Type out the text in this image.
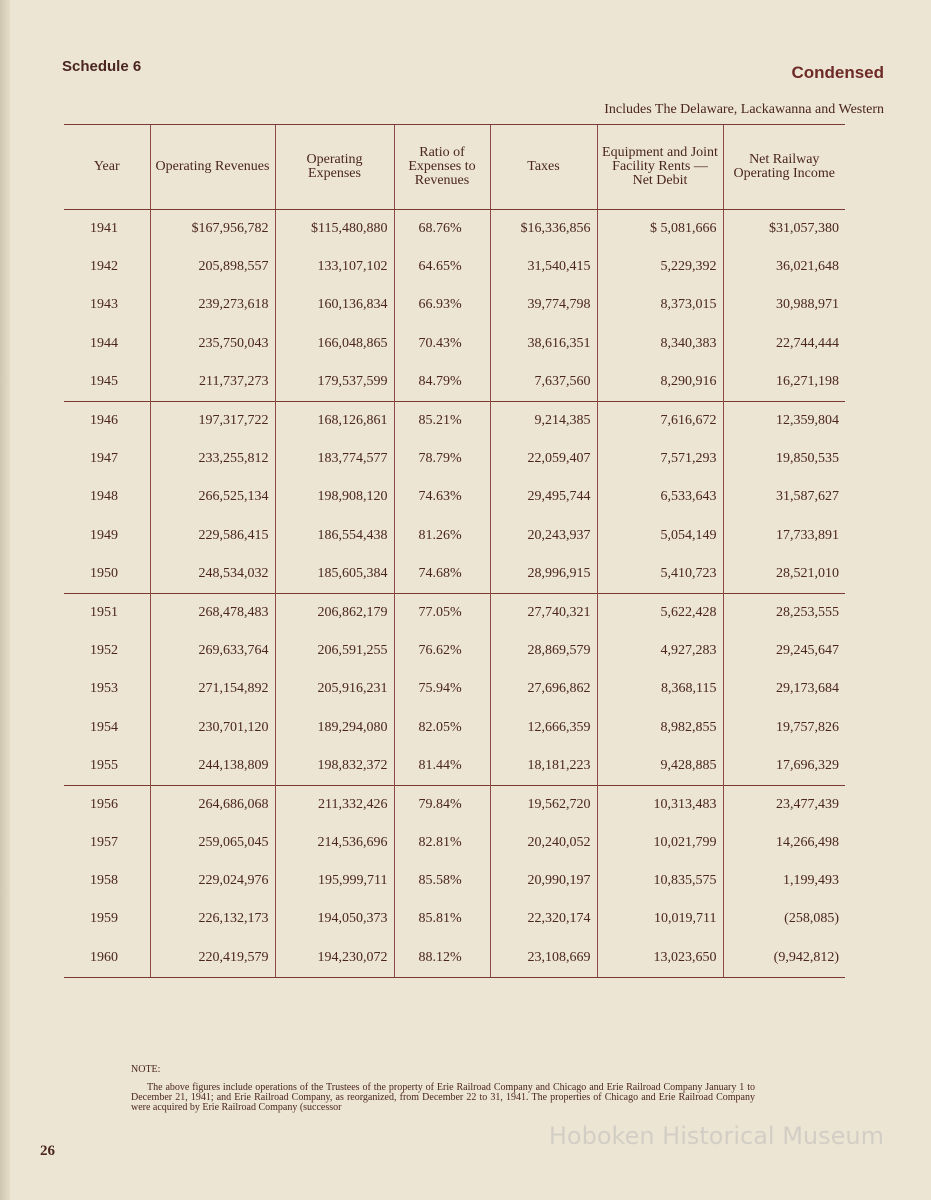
Schedule 6	Condensed
Includes The Delaware, Lackawanna and Western
Year	Operating Revenues	Operating Expenses	Ratio of Expenses to Revenues	Taxes	Equipment and Joint Facility Rents — Net Debit	Net Railway Operating Income
1941	$167,956,782	$115,480,880	68.76%	$16,336,856	$ 5,081,666	$31,057,380
1942	205,898,557	133,107,102	64.65%	31,540,415	5,229,392	36,021,648
1943	239,273,618	160,136,834	66.93%	39,774,798	8,373,015	30,988,971
1944	235,750,043	166,048,865	70.43%	38,616,351	8,340,383	22,744,444
1945	211,737,273	179,537,599	84.79%	7,637,560	8,290,916	16,271,198
1946	197,317,722	168,126,861	85.21%	9,214,385	7,616,672	12,359,804
1947	233,255,812	183,774,577	78.79%	22,059,407	7,571,293	19,850,535
1948	266,525,134	198,908,120	74.63%	29,495,744	6,533,643	31,587,627
1949	229,586,415	186,554,438	81.26%	20,243,937	5,054,149	17,733,891
1950	248,534,032	185,605,384	74.68%	28,996,915	5,410,723	28,521,010
1951	268,478,483	206,862,179	77.05%	27,740,321	5,622,428	28,253,555
1952	269,633,764	206,591,255	76.62%	28,869,579	4,927,283	29,245,647
1953	271,154,892	205,916,231	75.94%	27,696,862	8,368,115	29,173,684
1954	230,701,120	189,294,080	82.05%	12,666,359	8,982,855	19,757,826
1955	244,138,809	198,832,372	81.44%	18,181,223	9,428,885	17,696,329
1956	264,686,068	211,332,426	79.84%	19,562,720	10,313,483	23,477,439
1957	259,065,045	214,536,696	82.81%	20,240,052	10,021,799	14,266,498
1958	229,024,976	195,999,711	85.58%	20,990,197	10,835,575	1,199,493
1959	226,132,173	194,050,373	85.81%	22,320,174	10,019,711	(258,085)
1960	220,419,579	194,230,072	88.12%	23,108,669	13,023,650	(9,942,812)
NOTE:
The above figures include operations of the Trustees of the property of Erie Railroad Company and Chicago and Erie Railroad Company January 1 to December 21, 1941; and Erie Railroad Company, as reorganized, from December 22 to 31, 1941. The properties of Chicago and Erie Railroad Company were acquired by Erie Railroad Company (successor
26
Hoboken Historical Museum
